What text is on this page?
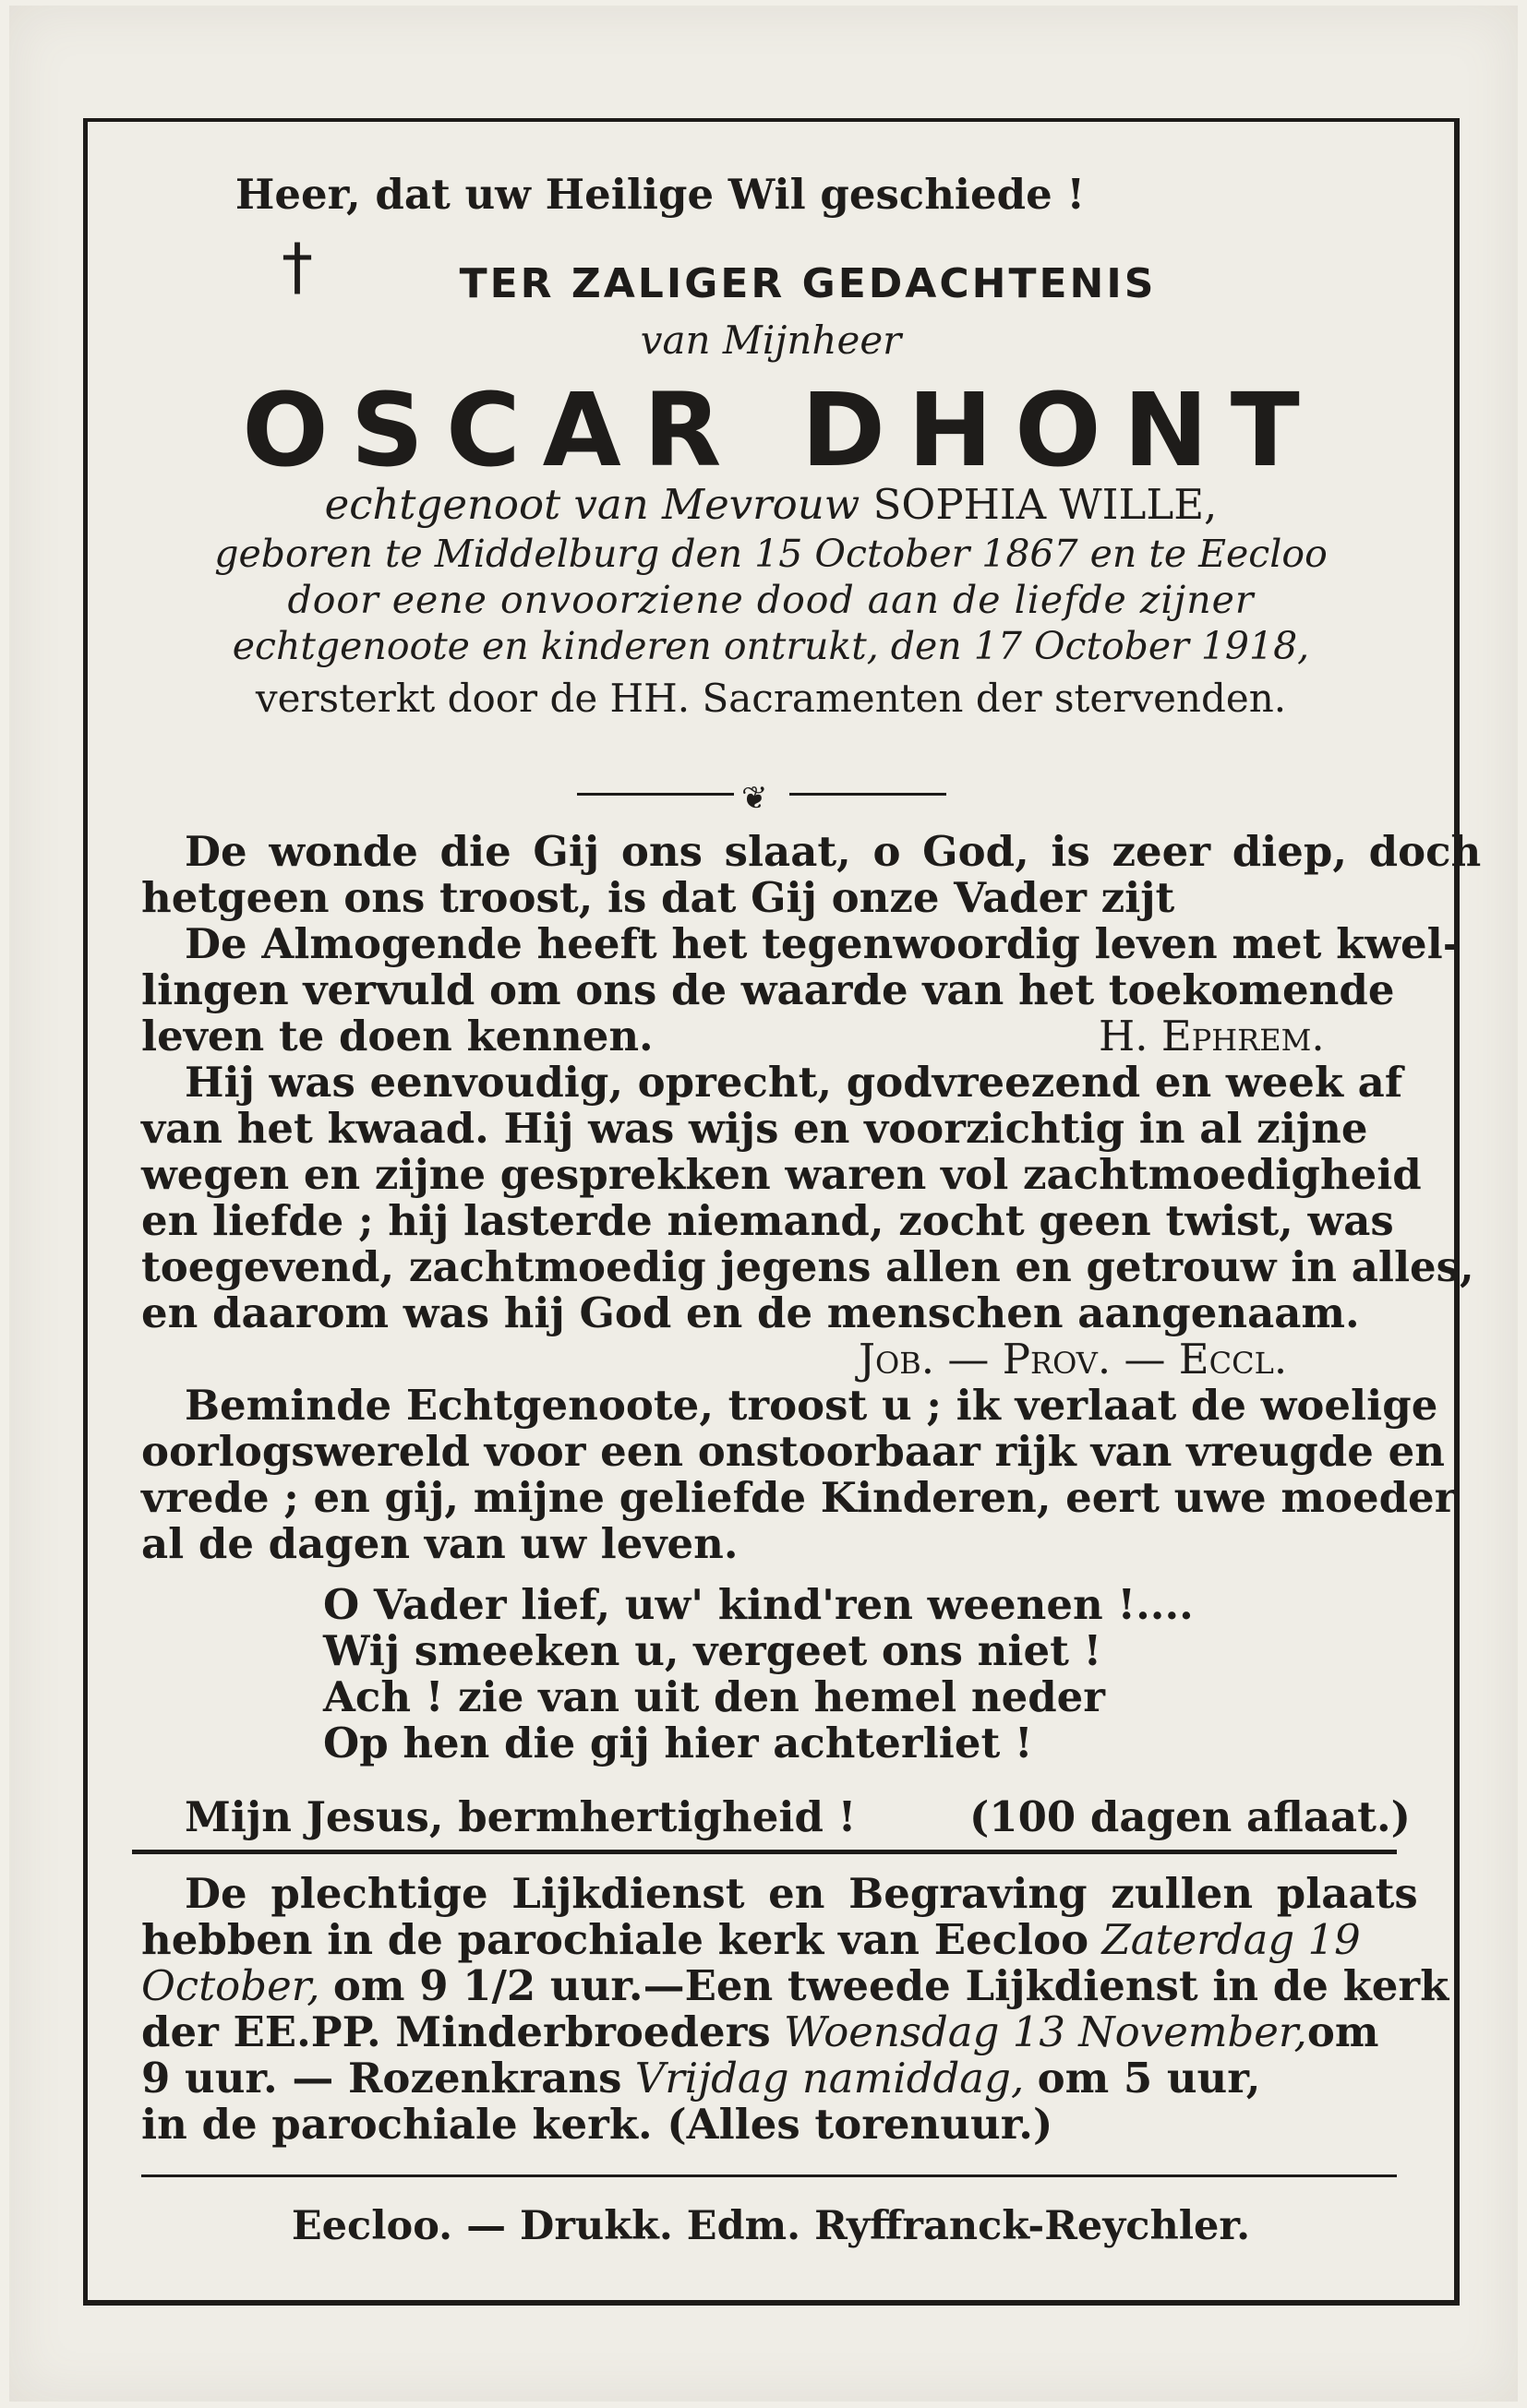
Heer, dat uw Heilige Wil geschiede !
†	TER ZALIGER GEDACHTENIS
van Mijnheer
OSCAR DHONT
echtgenoot van Mevrouw SOPHIA WILLE,
geboren te Middelburg den 15 October 1867 en te Eecloo
door eene onvoorziene dood aan de liefde zijner
echtgenoote en kinderen ontrukt, den 17 October 1918,
versterkt door de HH. Sacramenten der stervenden.
❦
De wonde die Gij ons slaat, o God, is zeer diep, doch
hetgeen ons troost, is dat Gij onze Vader zijt
De Almogende heeft het tegenwoordig leven met kwel-
lingen vervuld om ons de waarde van het toekomende
leven te doen kennen.	H. Ephrem.
Hij was eenvoudig, oprecht, godvreezend en week af
van het kwaad. Hij was wijs en voorzichtig in al zijne
wegen en zijne gesprekken waren vol zachtmoedigheid
en liefde ; hij lasterde niemand, zocht geen twist, was
toegevend, zachtmoedig jegens allen en getrouw in alles,
en daarom was hij God en de menschen aangenaam.
Job. — Prov. — Eccl.
Beminde Echtgenoote, troost u ; ik verlaat de woelige
oorlogswereld voor een onstoorbaar rijk van vreugde en
vrede ; en gij, mijne geliefde Kinderen, eert uwe moeder
al de dagen van uw leven.
O Vader lief, uw' kind'ren weenen !....
Wij smeeken u, vergeet ons niet !
Ach ! zie van uit den hemel neder
Op hen die gij hier achterliet !
Mijn Jesus, bermhertigheid !	(100 dagen aflaat.)
De plechtige Lijkdienst en Begraving zullen plaats
hebben in de parochiale kerk van Eecloo Zaterdag 19
October, om 9 1/2 uur.—Een tweede Lijkdienst in de kerk
der EE.PP. Minderbroeders Woensdag 13 November,om
9 uur. — Rozenkrans Vrijdag namiddag, om 5 uur,
in de parochiale kerk. (Alles torenuur.)
Eecloo. — Drukk. Edm. Ryffranck-Reychler.
